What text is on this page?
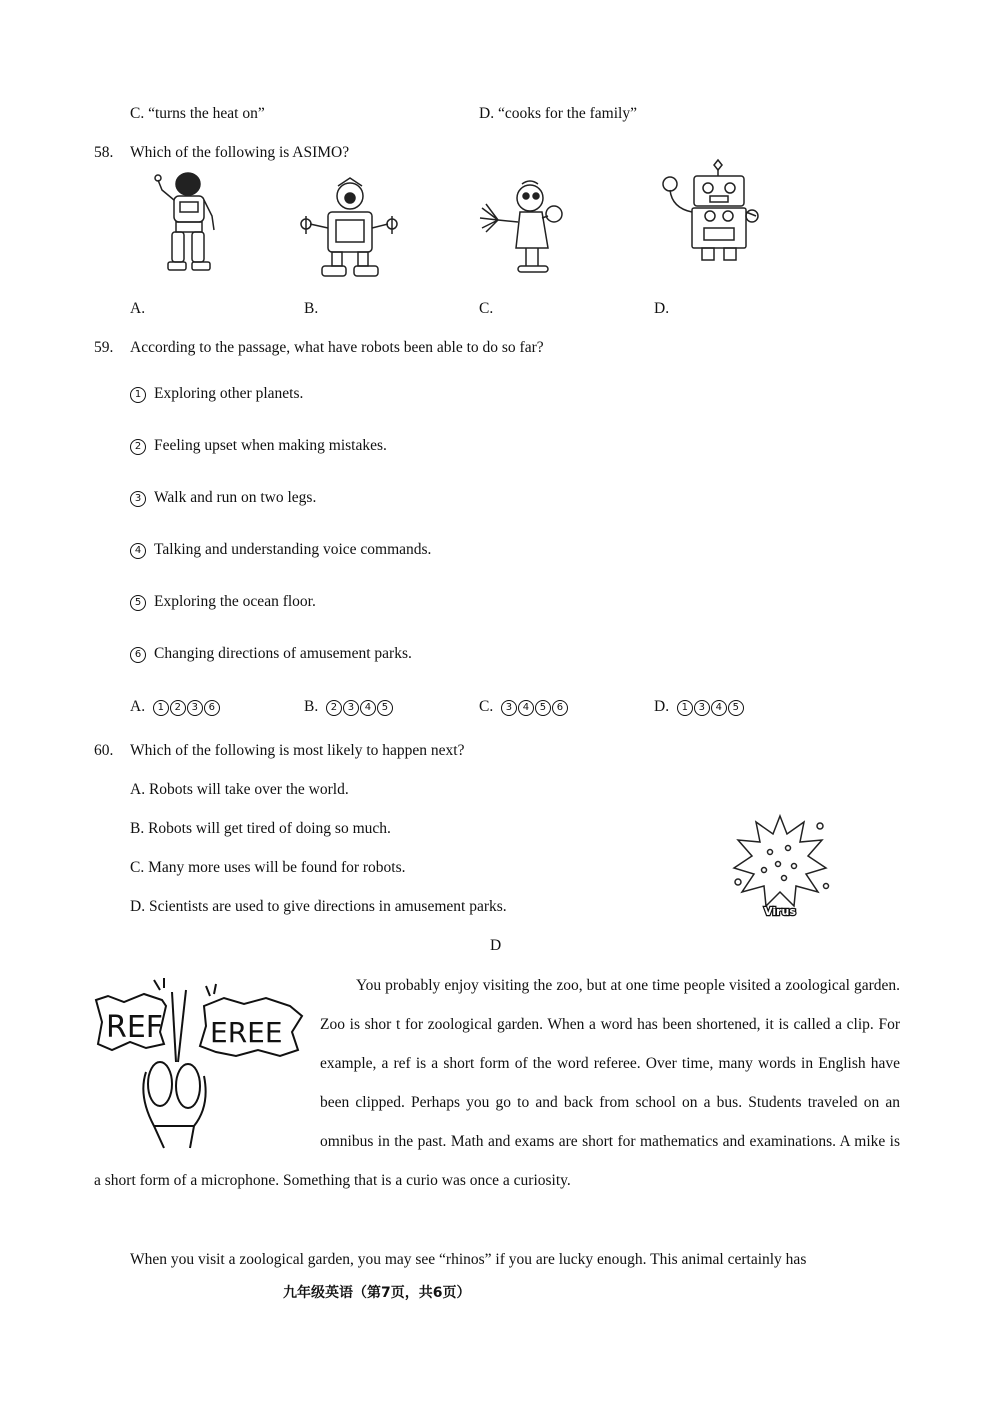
C. “turns the heat on”	D. “cooks for the family”
58. Which of the following is ASIMO?
A.	B.	C.	D.
59. According to the passage, what have robots been able to do so far?
1 Exploring other planets.
2 Feeling upset when making mistakes.
3 Walk and run on two legs.
4 Talking and understanding voice commands.
5 Exploring the ocean floor.
6 Changing directions of amusement parks.
A. 1 2 3 6	B. 2 3 4 5	C. 3 4 5 6	D. 1 3 4 5
60. Which of the following is most likely to happen next?
A. Robots will take over the world.
B. Robots will get tired of doing so much.
C. Many more uses will be found for robots.
D. Scientists are used to give directions in amusement parks.	Virus
D
REF EREE
You probably enjoy visiting the zoo, but at one time people visited a zoological garden. Zoo is shor t for zoological garden. When a word has been shortened, it is called a clip. For example, a ref is a short form of the word referee. Over time, many words in English have been clipped. Perhaps you go to and back from school on a bus. Students traveled on an omnibus in the past. Math and exams are short for mathematics and examinations. A mike is a short form of a microphone. Something that is a curio was once a curiosity.
When you visit a zoological garden, you may see “rhinos” if you are lucky enough. This animal certainly has
九年级英语（第7页，共6页）
